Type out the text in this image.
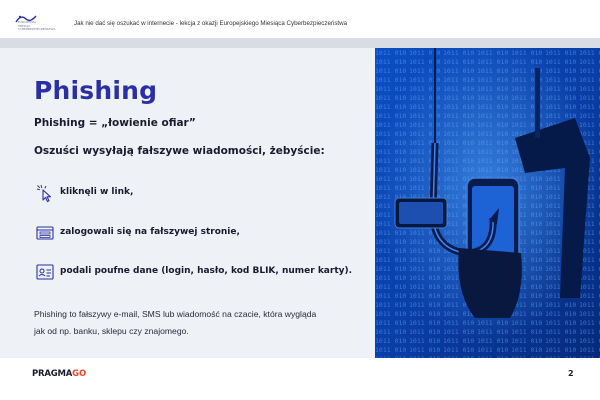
EUROPEJSKI MIESIĄC CYBERBEZPIECZEŃSTWA
Jak nie dać się oszukać w internecie - lekcja z okazji Europejskiego Miesiąca Cyberbezpieczeństwa
Phishing
Phishing = „łowienie ofiar”
Oszuści wysyłają fałszywe wiadomości, żebyście:
kliknęli w link,
zalogowali się na fałszywej stronie,
podali poufne dane (login, hasło, kod BLIK, numer karty).
Phishing to fałszywy e-mail, SMS lub wiadomość na czacie, która wygląda
jak od np. banku, sklepu czy znajomego.
PRAGMAGO	2
